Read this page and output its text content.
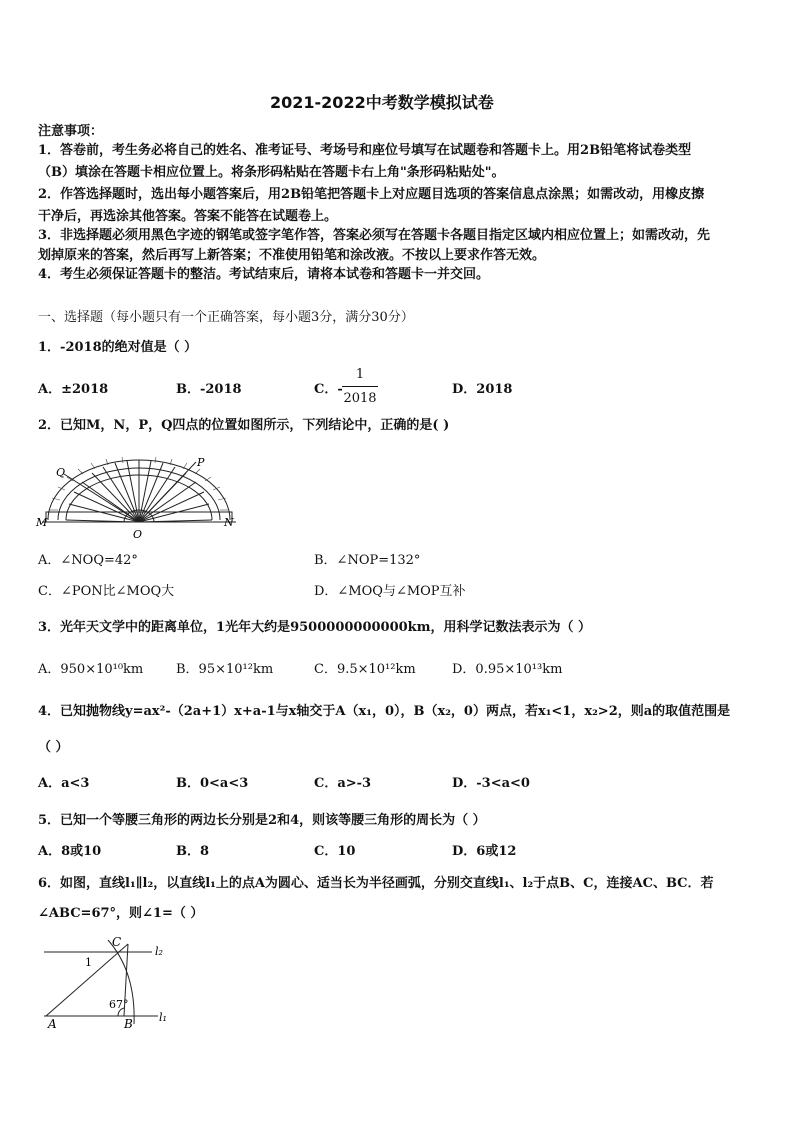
2021-2022中考数学模拟试卷
注意事项：
1．答卷前，考生务必将自己的姓名、准考证号、考场号和座位号填写在试题卷和答题卡上。用2B铅笔将试卷类型
（B）填涂在答题卡相应位置上。将条形码粘贴在答题卡右上角"条形码粘贴处"。
2．作答选择题时，选出每小题答案后，用2B铅笔把答题卡上对应题目选项的答案信息点涂黑；如需改动，用橡皮擦
干净后，再选涂其他答案。答案不能答在试题卷上。
3．非选择题必须用黑色字迹的钢笔或签字笔作答，答案必须写在答题卡各题目指定区域内相应位置上；如需改动，先
划掉原来的答案，然后再写上新答案；不准使用铅笔和涂改液。不按以上要求作答无效。
4．考生必须保证答题卡的整洁。考试结束后，请将本试卷和答题卡一并交回。
一、选择题（每小题只有一个正确答案，每小题3分，满分30分）
1．-2018的绝对值是（ ）
A．±2018	B．-2018	C．-
1
2018
D．2018
2．已知M，N，P，Q四点的位置如图所示，下列结论中，正确的是( )
Q
P
M	N
O
A．∠NOQ=42°	B．∠NOP=132°
C．∠PON比∠MOQ大	D．∠MOQ与∠MOP互补
3．光年天文学中的距离单位，1光年大约是9500000000000km，用科学记数法表示为（ ）
A．950×10¹⁰km	B．95×10¹²km	C．9.5×10¹²km	D．0.95×10¹³km
4．已知抛物线y=ax²-（2a+1）x+a-1与x轴交于A（x₁，0），B（x₂，0）两点，若x₁<1，x₂>2，则a的取值范围是
（ ）
A．a<3	B．0<a<3	C．a>-3	D．-3<a<0
5．已知一个等腰三角形的两边长分别是2和4，则该等腰三角形的周长为（ ）
A．8或10	B．8	C．10	D．6或12
6．如图，直线l₁∥l₂，以直线l₁上的点A为圆心、适当长为半径画弧，分别交直线l₁、l₂于点B、C，连接AC、BC．若
∠ABC=67°，则∠1=（ ）
C
l₂
1
67°
A	B l₁
